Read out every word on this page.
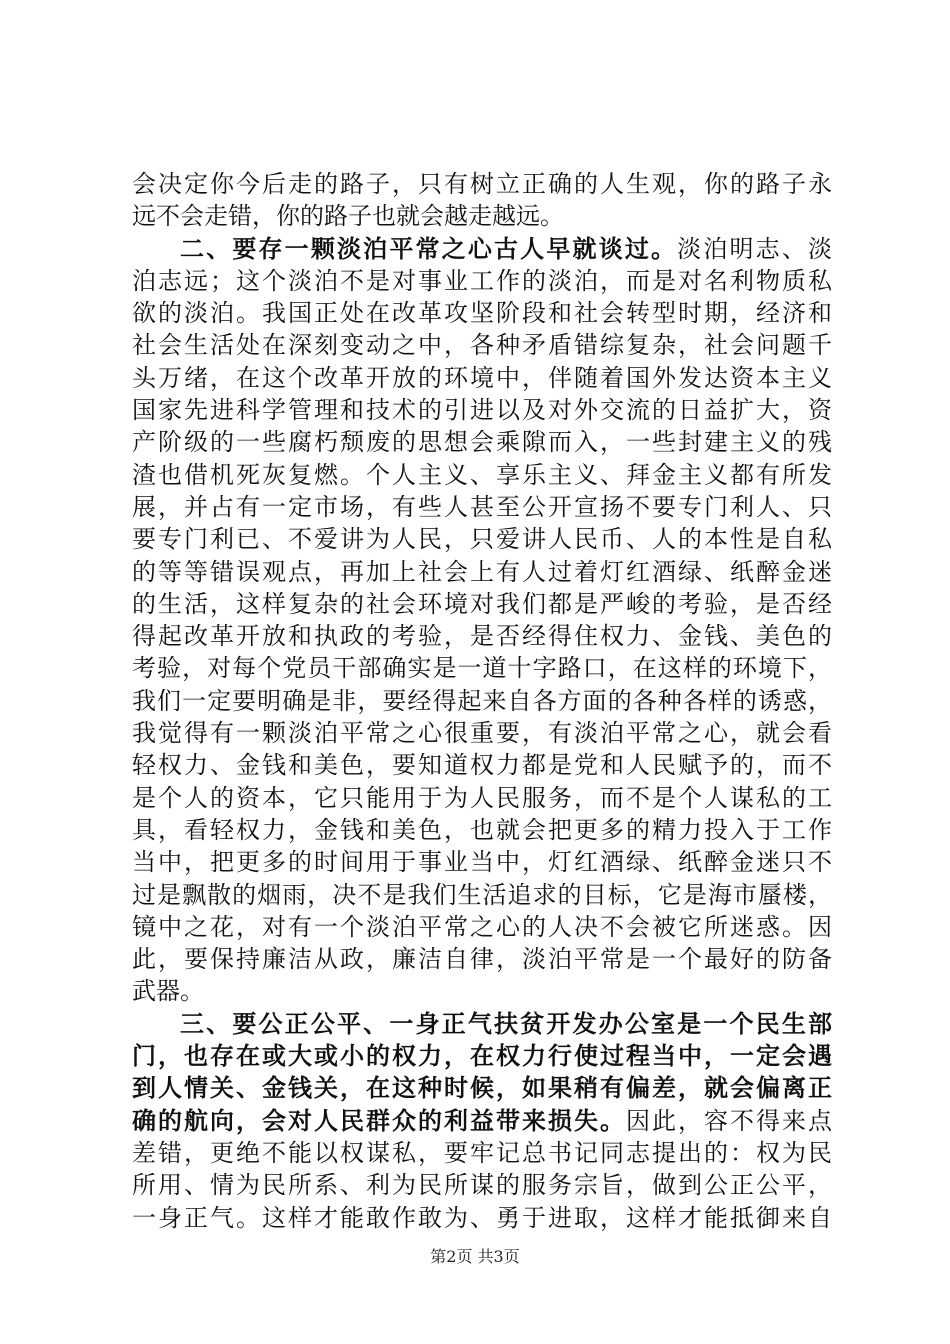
会决定你今后走的路子，只有树立正确的人生观，你的路子永
远不会走错，你的路子也就会越走越远。
二、要存一颗淡泊平常之心古人早就谈过。淡泊明志、淡
泊志远；这个淡泊不是对事业工作的淡泊，而是对名利物质私
欲的淡泊。我国正处在改革攻坚阶段和社会转型时期，经济和
社会生活处在深刻变动之中，各种矛盾错综复杂，社会问题千
头万绪，在这个改革开放的环境中，伴随着国外发达资本主义
国家先进科学管理和技术的引进以及对外交流的日益扩大，资
产阶级的一些腐朽颓废的思想会乘隙而入，一些封建主义的残
渣也借机死灰复燃。个人主义、享乐主义、拜金主义都有所发
展，并占有一定市场，有些人甚至公开宣扬不要专门利人、只
要专门利已、不爱讲为人民，只爱讲人民币、人的本性是自私
的等等错误观点，再加上社会上有人过着灯红酒绿、纸醉金迷
的生活，这样复杂的社会环境对我们都是严峻的考验，是否经
得起改革开放和执政的考验，是否经得住权力、金钱、美色的
考验，对每个党员干部确实是一道十字路口，在这样的环境下，
我们一定要明确是非，要经得起来自各方面的各种各样的诱惑，
我觉得有一颗淡泊平常之心很重要，有淡泊平常之心，就会看
轻权力、金钱和美色，要知道权力都是党和人民赋予的，而不
是个人的资本，它只能用于为人民服务，而不是个人谋私的工
具，看轻权力，金钱和美色，也就会把更多的精力投入于工作
当中，把更多的时间用于事业当中，灯红酒绿、纸醉金迷只不
过是飘散的烟雨，决不是我们生活追求的目标，它是海市蜃楼，
镜中之花，对有一个淡泊平常之心的人决不会被它所迷惑。因
此，要保持廉洁从政，廉洁自律，淡泊平常是一个最好的防备
武器。
三、要公正公平、一身正气扶贫开发办公室是一个民生部
门，也存在或大或小的权力，在权力行使过程当中，一定会遇
到人情关、金钱关，在这种时候，如果稍有偏差，就会偏离正
确的航向，会对人民群众的利益带来损失。因此，容不得来点
差错，更绝不能以权谋私，要牢记总书记同志提出的：权为民
所用、情为民所系、利为民所谋的服务宗旨，做到公正公平，
一身正气。这样才能敢作敢为、勇于进取，这样才能抵御来自
第2页 共3页
